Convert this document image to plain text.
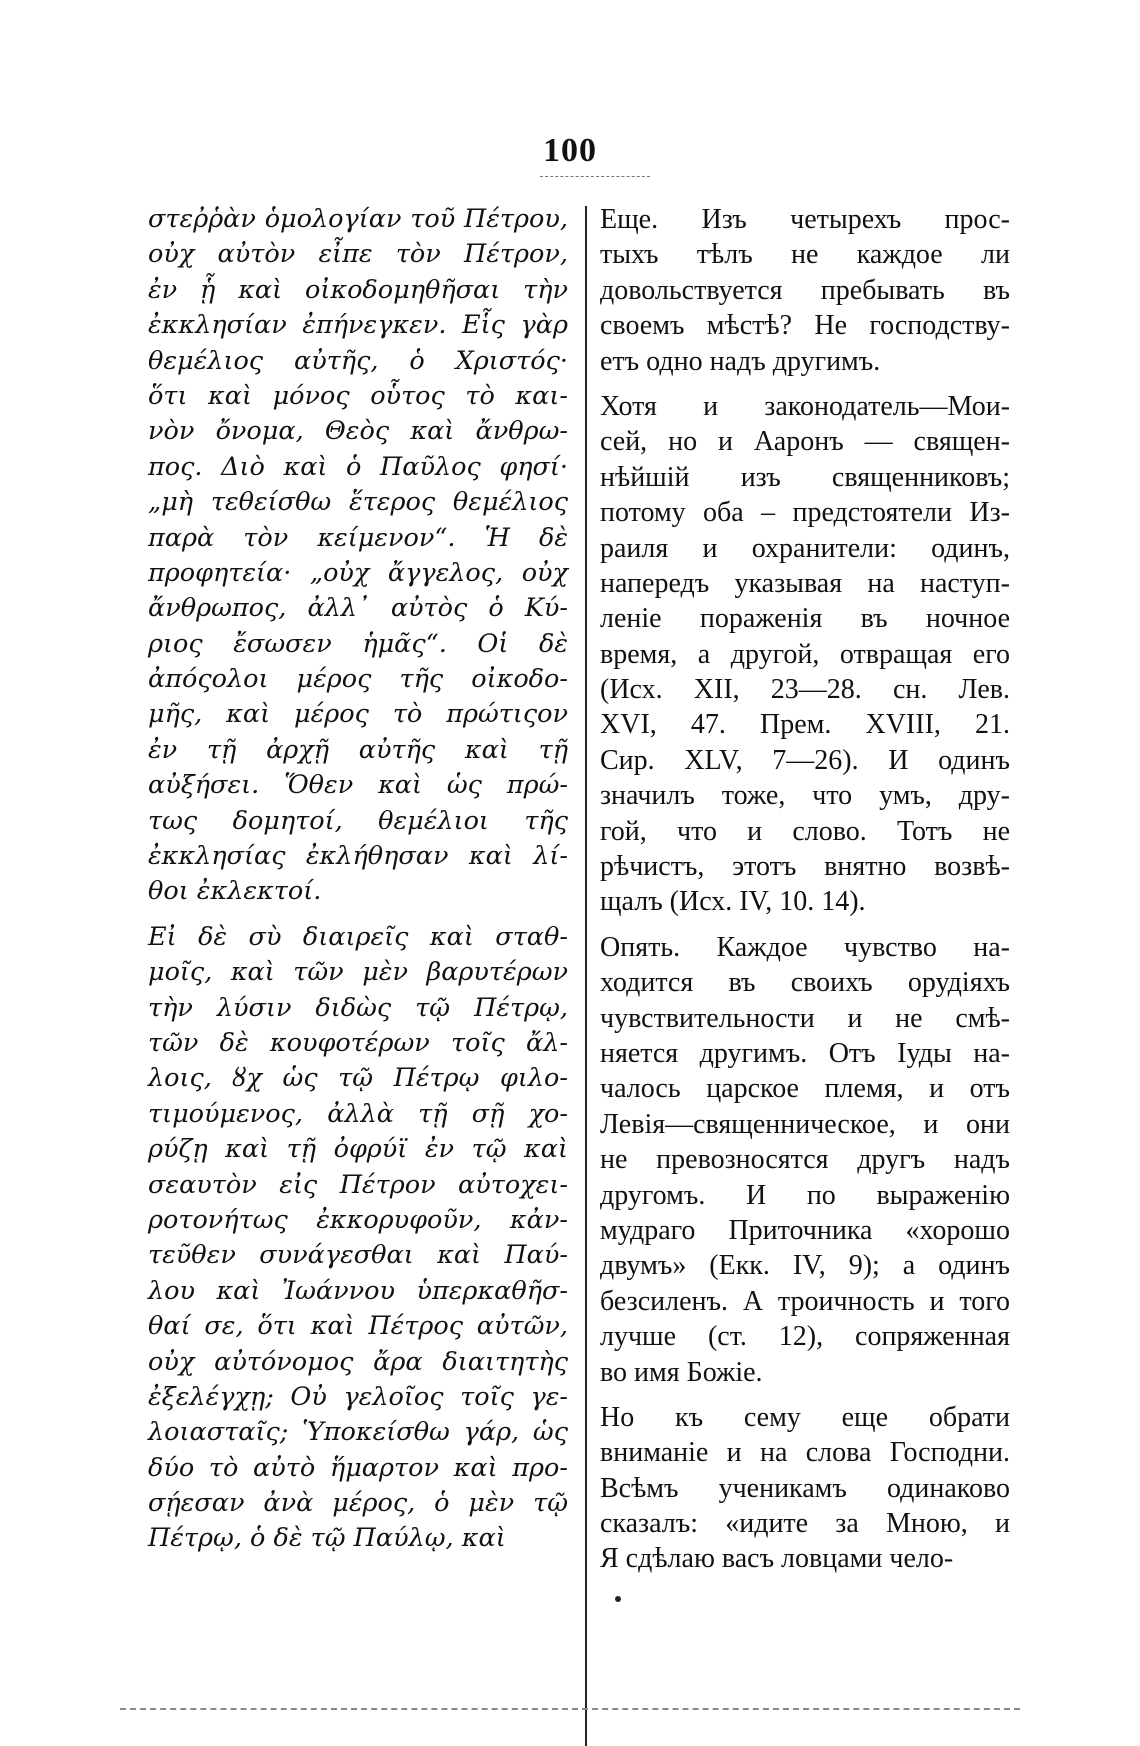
100
στεῤῥὰν ὁμολογίαν τοῦ Πέτρου,
οὐχ αὐτὸν εἶπε τὸν Πέτρον,
ἐν ᾗ καὶ οἰκοδομηθῆσαι τὴν
ἐκκλησίαν ἐπήνεγκεν. Εἷς γὰρ
θεμέλιος αὐτῆς, ὁ Χριστός·
ὅτι καὶ μόνος οὗτος τὸ και-
νὸν ὄνομα, Θεὸς καὶ ἄνθρω-
πος. Διὸ καὶ ὁ Παῦλος φησί·
„μὴ τεθείσθω ἕτερος θεμέλιος
παρὰ τὸν κείμενον“. Ἡ δὲ
προφητεία· „οὐχ ἄγγελος, οὐχ
ἄνθρωπος, ἀλλ᾽ αὐτὸς ὁ Κύ-
ριος ἔσωσεν ἡμᾶς“. Οἱ δὲ
ἀπόςολοι μέρος τῆς οἰκοδο-
μῆς, καὶ μέρος τὸ πρώτιςον
ἐν τῇ ἀρχῇ αὐτῆς καὶ τῇ
αὐξήσει. Ὅθεν καὶ ὡς πρώ-
τως δομητοί, θεμέλιοι τῆς
ἐκκλησίας ἐκλήθησαν καὶ λί-
θοι ἐκλεκτοί.
Εἰ δὲ σὺ διαιρεῖς καὶ σταθ-
μοῖς, καὶ τῶν μὲν βαρυτέρων
τὴν λύσιν διδὼς τῷ Πέτρῳ,
τῶν δὲ κουφοτέρων τοῖς ἄλ-
λοις, ȣχ ὡς τῷ Πέτρῳ φιλο-
τιμούμενος, ἀλλὰ τῇ σῇ χο-
ρύζῃ καὶ τῇ ὀφρύϊ ἐν τῷ καὶ
σεαυτὸν εἰς Πέτρον αὐτοχει-
ροτονήτως ἐκκορυφοῦν, κἀν-
τεῦθεν συνάγεσθαι καὶ Παύ-
λου καὶ Ἰωάννου ὑπερκαθῆσ-
θαί σε, ὅτι καὶ Πέτρος αὐτῶν,
οὐχ αὐτόνομος ἄρα διαιτητὴς
ἐξελέγχῃ; Οὐ γελοῖος τοῖς γε-
λοιασταῖς; Ὑποκείσθω γάρ, ὡς
δύο τὸ αὐτὸ ἥμαρτον καὶ προ-
σῄεσαν ἀνὰ μέρος, ὁ μὲν τῷ
Πέτρῳ, ὁ δὲ τῷ Παύλῳ, καὶ
Еще. Изъ четырехъ прос-
тыхъ тѣлъ не каждое ли
довольствуется пребывать въ
своемъ мѣстѣ? Не господству-
етъ одно надъ другимъ.
Хотя и законодатель—Мои-
сей, но и Ааронъ — священ-
нѣйшій изъ священниковъ;
потому оба – предстоятели Из-
раиля и охранители: одинъ,
напередъ указывая на наступ-
леніе пораженія въ ночное
время, а другой, отвращая его
(Исх. XII, 23—28. сн. Лев.
XVI, 47. Прем. XVIII, 21.
Сир. XLV, 7—26). И одинъ
значилъ тоже, что умъ, дру-
гой, что и слово. Тотъ не
рѣчистъ, этотъ внятно возвѣ-
щалъ (Исх. IV, 10. 14).
Опять. Каждое чувство на-
ходится въ своихъ орудіяхъ
чувствительности и не смѣ-
няется другимъ. Отъ Іуды на-
чалось царское племя, и отъ
Левія—священническое, и они
не превозносятся другъ надъ
другомъ. И по выраженію
мудраго Приточника «хорошо
двумъ» (Екк. IV, 9); а одинъ
безсиленъ. А троичность и того
лучше (ст. 12), сопряженная
во имя Божіе.
Но къ сему еще обрати
вниманіе и на слова Господни.
Всѣмъ ученикамъ одинаково
сказалъ: «идите за Мною, и
Я сдѣлаю васъ ловцами чело-
